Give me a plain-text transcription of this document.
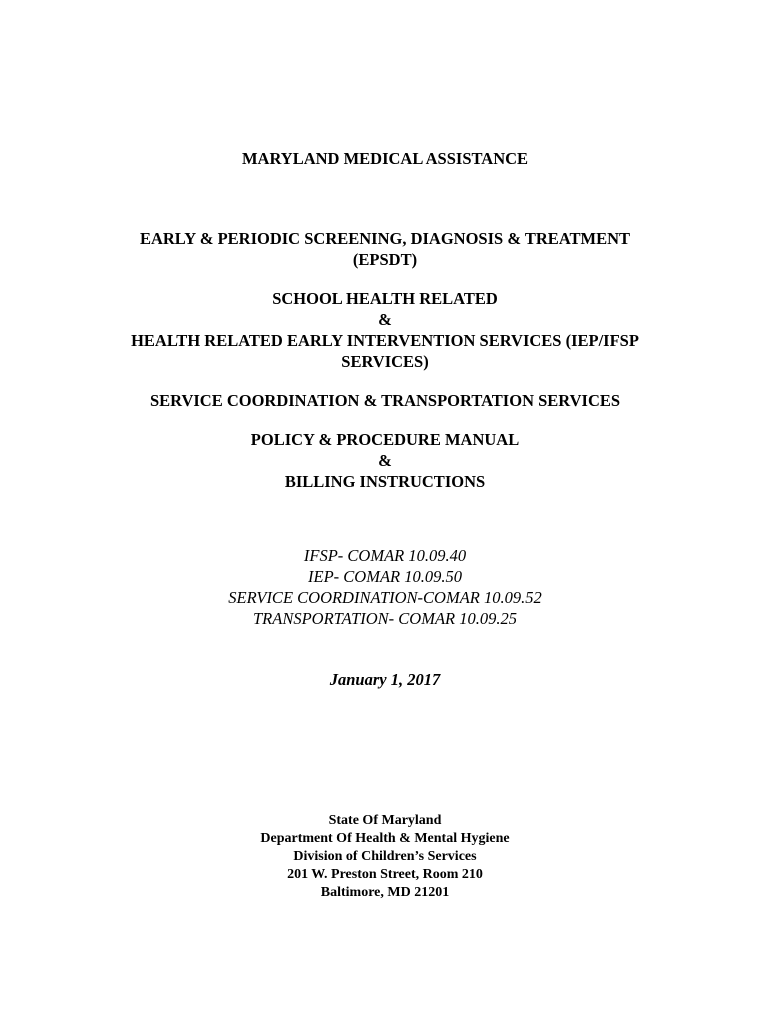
MARYLAND MEDICAL ASSISTANCE
EARLY & PERIODIC SCREENING, DIAGNOSIS & TREATMENT
(EPSDT)
SCHOOL HEALTH RELATED
&
HEALTH RELATED EARLY INTERVENTION SERVICES (IEP/IFSP
SERVICES)
SERVICE COORDINATION & TRANSPORTATION SERVICES
POLICY & PROCEDURE MANUAL
&
BILLING INSTRUCTIONS
IFSP- COMAR 10.09.40
IEP- COMAR 10.09.50
SERVICE COORDINATION-COMAR 10.09.52
TRANSPORTATION- COMAR 10.09.25
January 1, 2017
State Of Maryland
Department Of Health & Mental Hygiene
Division of Children’s Services
201 W. Preston Street, Room 210
Baltimore, MD 21201
